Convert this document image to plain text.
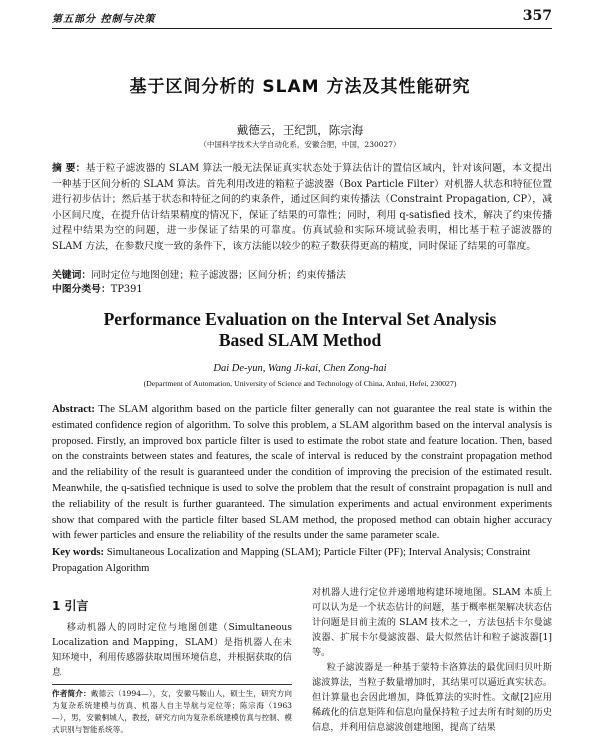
第五部分 控制与决策	357
基于区间分析的 SLAM 方法及其性能研究
戴德云，王纪凯，陈宗海
（中国科学技术大学自动化系，安徽合肥，中国，230027）
摘 要：基于粒子滤波器的 SLAM 算法一般无法保证真实状态处于算法估计的置信区域内，针对该问题，本文提出一种基于区间分析的 SLAM 算法。首先利用改进的箱粒子滤波器（Box Particle Filter）对机器人状态和特征位置进行初步估计；然后基于状态和特征之间的约束条件，通过区间约束传播法（Constraint Propagation, CP），减小区间尺度，在提升估计结果精度的情况下，保证了结果的可靠性；同时，利用 q-satisfied 技术，解决了约束传播过程中结果为空的问题，进一步保证了结果的可靠度。仿真试验和实际环境试验表明，相比基于粒子滤波器的 SLAM 方法，在参数尺度一致的条件下，该方法能以较少的粒子数获得更高的精度，同时保证了结果的可靠度。
关键词：同时定位与地图创建；粒子滤波器；区间分析；约束传播法
中图分类号：TP391
Performance Evaluation on the Interval Set Analysis
Based SLAM Method
Dai De-yun, Wang Ji-kai, Chen Zong-hai
(Department of Automation, University of Science and Technology of China, Anhui, Hefei, 230027)
Abstract: The SLAM algorithm based on the particle filter generally can not guarantee the real state is within the estimated confidence region of algorithm. To solve this problem, a SLAM algorithm based on the interval analysis is proposed. Firstly, an improved box particle filter is used to estimate the robot state and feature location. Then, based on the constraints between states and features, the scale of interval is reduced by the constraint propagation method and the reliability of the result is guaranteed under the condition of improving the precision of the estimated result. Meanwhile, the q-satisfied technique is used to solve the problem that the result of constraint propagation is null and the reliability of the result is further guaranteed. The simulation experiments and actual environment experiments show that compared with the particle filter based SLAM method, the proposed method can obtain higher accuracy with fewer particles and ensure the reliability of the results under the same parameter scale.
Key words: Simultaneous Localization and Mapping (SLAM); Particle Filter (PF); Interval Analysis; Constraint Propagation Algorithm
1 引言

移动机器人的同时定位与地图创建（Simultaneous Localization and Mapping，SLAM）是指机器人在未知环境中，利用传感器获取周围环境信息，并根据获取的信息

对机器人进行定位并递增地构建环境地图。SLAM 本质上可以认为是一个状态估计的问题，基于概率框架解决状态估计问题是目前主流的 SLAM 技术之一，方法包括卡尔曼滤波器、扩展卡尔曼滤波器、最大似然估计和粒子滤波器[1]等。

粒子滤波器是一种基于蒙特卡洛算法的最优回归贝叶斯滤波算法，当粒子数量增加时，其结果可以逼近真实状态。但计算量也会因此增加，降低算法的实时性。文献[2]应用稀疏化的信息矩阵和信息向量保持粒子过去所有时刻的历史信息，并利用信息滤波创建地图，提高了结果

作者简介：戴德云（1994—），女，安徽马鞍山人，硕士生，研究方向为复杂系统建模与仿真、机器人自主导航与定位等；陈宗海（1963—），男，安徽桐城人，教授，研究方向为复杂系统建模仿真与控制、模式识别与智能系统等。
